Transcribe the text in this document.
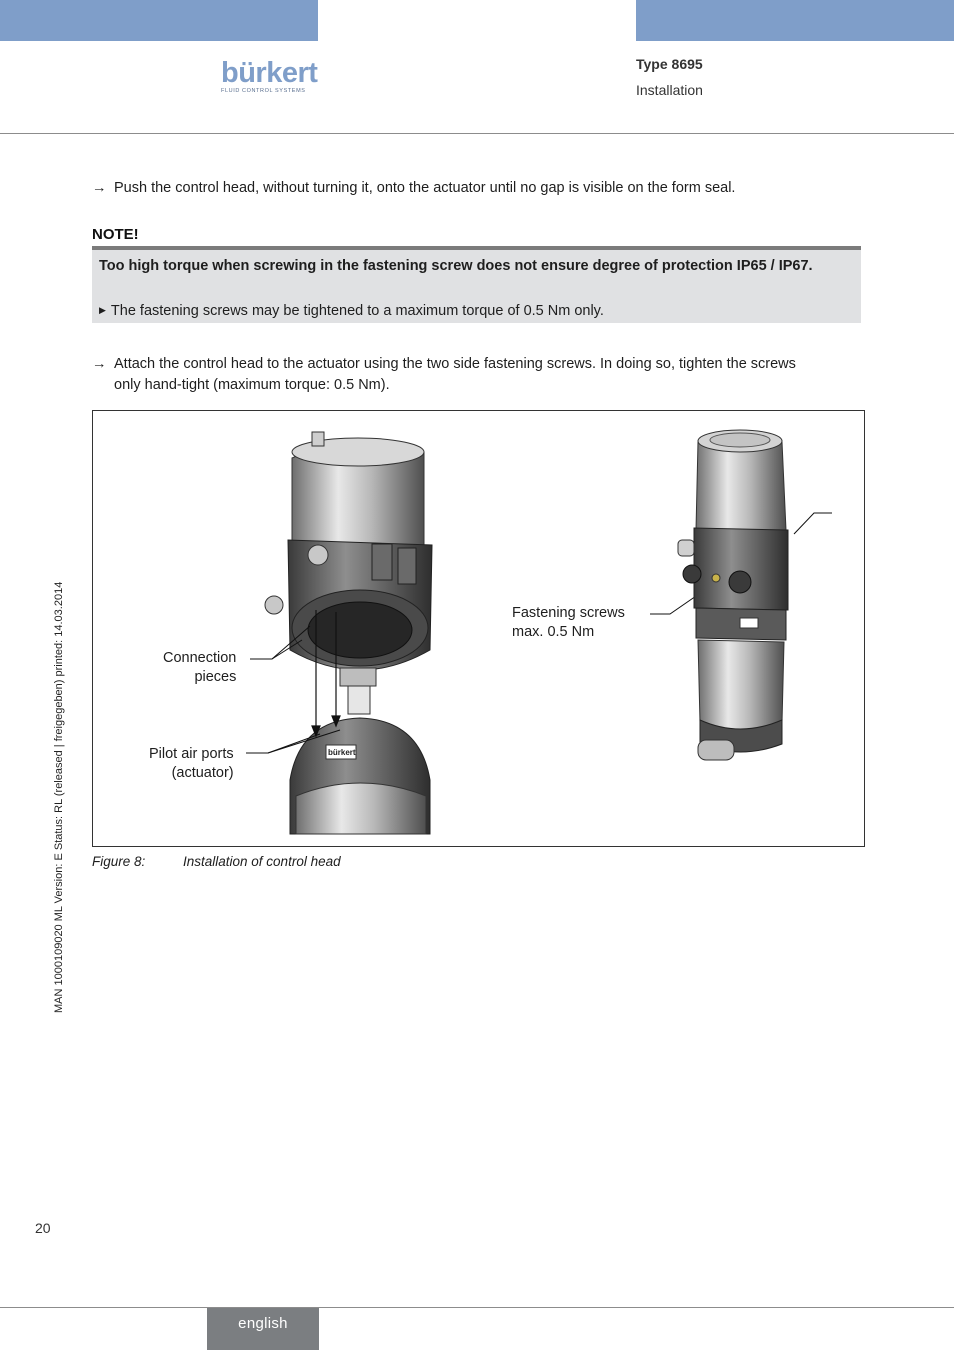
bürkert
FLUID CONTROL SYSTEMS
Type 8695
Installation
→ Push the control head, without turning it, onto the actuator until no gap is visible on the form seal.
NOTE!
Too high torque when screwing in the fastening screw does not ensure degree of protection IP65 / IP67.
▶ The fastening screws may be tightened to a maximum torque of 0.5 Nm only.
→ Attach the control head to the actuator using the two side fastening screws. In doing so, tighten the screws
only hand-tight (maximum torque: 0.5 Nm).
bürkert
Connection
pieces
Pilot air ports
(actuator)
Fastening screws
max. 0.5 Nm
Figure 8:	Installation of control head
MAN 1000109020 ML Version: E Status: RL (released | freigegeben) printed: 14.03.2014
20
english
